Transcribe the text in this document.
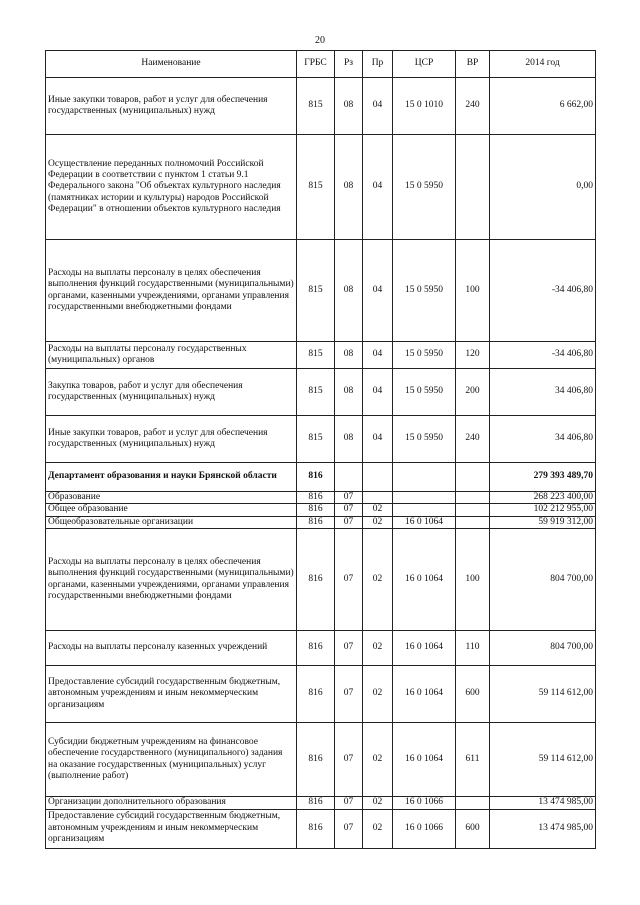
20
Наименование	ГРБС	Рз	Пр	ЦСР	ВР	2014 год
Иные закупки товаров, работ и услуг для обеспечения государственных (муниципальных) нужд	815	08	04	15 0 1010	240	6 662,00
Осуществление переданных полномочий Российской Федерации в соответствии с пунктом 1 статьи 9.1 Федерального закона "Об объектах культурного наследия (памятниках истории и культуры) народов Российской Федерации" в отношении объектов культурного наследия	815	08	04	15 0 5950		0,00
Расходы на выплаты персоналу в целях обеспечения выполнения функций государственными (муниципальными) органами, казенными учреждениями, органами управления государственными внебюджетными фондами	815	08	04	15 0 5950	100	-34 406,80
Расходы на выплаты персоналу государственных (муниципальных) органов	815	08	04	15 0 5950	120	-34 406,80
Закупка товаров, работ и услуг для обеспечения государственных (муниципальных) нужд	815	08	04	15 0 5950	200	34 406,80
Иные закупки товаров, работ и услуг для обеспечения государственных (муниципальных) нужд	815	08	04	15 0 5950	240	34 406,80
Департамент образования и науки Брянской области	816					279 393 489,70
Образование	816	07				268 223 400,00
Общее образование	816	07	02			102 212 955,00
Общеобразовательные организации	816	07	02	16 0 1064		59 919 312,00
Расходы на выплаты персоналу в целях обеспечения выполнения функций государственными (муниципальными) органами, казенными учреждениями, органами управления государственными внебюджетными фондами	816	07	02	16 0 1064	100	804 700,00
Расходы на выплаты персоналу казенных учреждений	816	07	02	16 0 1064	110	804 700,00
Предоставление субсидий государственным бюджетным, автономным учреждениям и иным некоммерческим организациям	816	07	02	16 0 1064	600	59 114 612,00
Субсидии бюджетным учреждениям на финансовое обеспечение государственного (муниципального) задания на оказание государственных (муниципальных) услуг (выполнение работ)	816	07	02	16 0 1064	611	59 114 612,00
Организации дополнительного образования	816	07	02	16 0 1066		13 474 985,00
Предоставление субсидий государственным бюджетным, автономным учреждениям и иным некоммерческим организациям	816	07	02	16 0 1066	600	13 474 985,00
